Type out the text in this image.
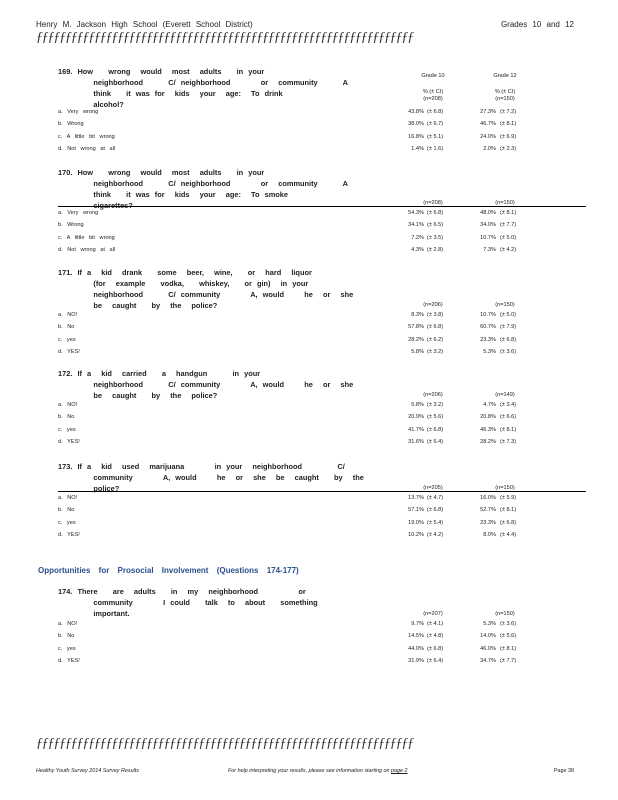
Henry M. Jackson High School (Everett School District)	Grades 10 and 12
ƒƒƒƒƒƒƒƒƒƒƒƒƒƒƒƒƒƒƒƒƒƒƒƒƒƒƒƒƒƒƒƒƒƒƒƒƒƒƒƒƒƒƒƒƒƒƒƒƒƒƒƒƒƒƒƒƒƒƒƒƒƒƒƒƒ
169. How   wrong  would  most  adults   in your
neighborhood     C/ neighborhood      or  community     A
think   it was for  kids  your  age:  To drink
alcohol?
Grade 10
% (± CI)
Grade 12
% (± CI)
(n=208)	(n=150)
a. Very wrong	43.8% (± 6.8)	27.3% (± 7.2)
b. Wrong	38.0% (± 6.7)	46.7% (± 8.1)
c. A little bit wrong	16.8% (± 5.1)	24.0% (± 6.9)
d. Not wrong at all	1.4% (± 1.6)	2.0% (± 2.3)
170. How   wrong  would  most  adults   in your
neighborhood     C/ neighborhood      or  community     A
think   it was for  kids  your  age:  To smoke
cigarettes?	(n=208)	(n=150)
a. Very wrong	54.3% (± 6.8)	48.0% (± 8.1)
b. Wrong	34.1% (± 6.5)	34.0% (± 7.7)
c. A little bit wrong	7.2% (± 3.5)	10.7% (± 5.0)
d. Not wrong at all	4.3% (± 2.8)	7.3% (± 4.2)
171. If a  kid  drank   some  beer,  wine,   or  hard  liquor
(for  example   vodka,   whiskey,   or gin)  in your
neighborhood     C/ community      A, would    he  or  she
be  caught   by  the  police?	(n=206)	(n=150)
a. NO!	8.3% (± 3.8)	10.7% (± 5.0)
b. No	57.8% (± 6.8)	60.7% (± 7.9)
c. yes	28.2% (± 6.2)	23.3% (± 6.8)
d. YES!	5.8% (± 3.2)	5.3% (± 3.6)
172. If a  kid  carried   a  handgun     in your
neighborhood     C/ community      A, would    he  or  she
be  caught   by  the  police?	(n=206)	(n=149)
a. NO!	5.8% (± 3.2)	4.7% (± 3.4)
b. No	20.9% (± 5.6)	20.8% (± 6.6)
c. yes	41.7% (± 6.8)	46.3% (± 8.1)
d. YES!	31.6% (± 6.4)	28.2% (± 7.3)
173. If a  kid  used  marijuana      in your  neighborhood       C/
community      A, would    he  or  she  be  caught   by  the
police?	(n=205)	(n=150)
a. NO!	13.7% (± 4.7)	16.0% (± 5.9)
b. No	57.1% (± 6.8)	52.7% (± 8.1)
c. yes	19.0% (± 5.4)	23.3% (± 6.8)
d. YES!	10.2% (± 4.2)	8.0% (± 4.4)
174. There   are  adults   in  my  neighborhood        or
community      I could   talk  to  about   something
important.	(n=207)	(n=150)
a. NO!	9.7% (± 4.1)	5.3% (± 3.6)
b. No	14.5% (± 4.8)	14.0% (± 5.6)
c. yes	44.0% (± 6.8)	46.0% (± 8.1)
d. YES!	31.9% (± 6.4)	34.7% (± 7.7)
Opportunities for Prosocial Involvement (Questions 174-177)
ƒƒƒƒƒƒƒƒƒƒƒƒƒƒƒƒƒƒƒƒƒƒƒƒƒƒƒƒƒƒƒƒƒƒƒƒƒƒƒƒƒƒƒƒƒƒƒƒƒƒƒƒƒƒƒƒƒƒƒƒƒƒƒƒƒ
Healthy Youth Survey 2014 Survey Results	For help interpreting your results, please see information starting on page 2	Page 38
